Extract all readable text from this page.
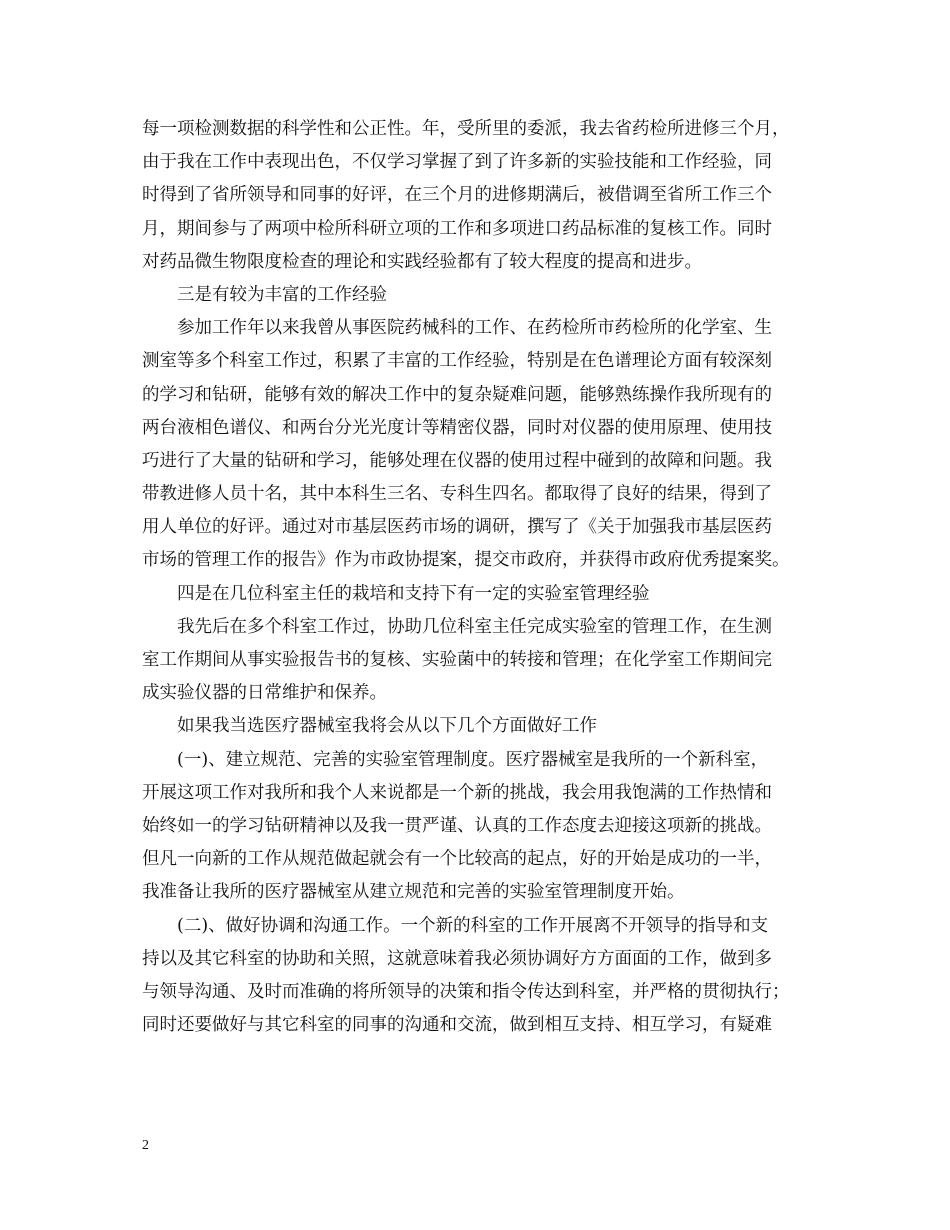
每一项检测数据的科学性和公正性。年，受所里的委派，我去省药检所进修三个月，
由于我在工作中表现出色，不仅学习掌握了到了许多新的实验技能和工作经验，同
时得到了省所领导和同事的好评，在三个月的进修期满后，被借调至省所工作三个
月，期间参与了两项中检所科研立项的工作和多项进口药品标准的复核工作。同时
对药品微生物限度检查的理论和实践经验都有了较大程度的提高和进步。
三是有较为丰富的工作经验
参加工作年以来我曾从事医院药械科的工作、在药检所市药检所的化学室、生
测室等多个科室工作过，积累了丰富的工作经验，特别是在色谱理论方面有较深刻
的学习和钻研，能够有效的解决工作中的复杂疑难问题，能够熟练操作我所现有的
两台液相色谱仪、和两台分光光度计等精密仪器，同时对仪器的使用原理、使用技
巧进行了大量的钻研和学习，能够处理在仪器的使用过程中碰到的故障和问题。我
带教进修人员十名，其中本科生三名、专科生四名。都取得了良好的结果，得到了
用人单位的好评。通过对市基层医药市场的调研，撰写了《关于加强我市基层医药
市场的管理工作的报告》作为市政协提案，提交市政府，并获得市政府优秀提案奖。
四是在几位科室主任的栽培和支持下有一定的实验室管理经验
我先后在多个科室工作过，协助几位科室主任完成实验室的管理工作，在生测
室工作期间从事实验报告书的复核、实验菌中的转接和管理；在化学室工作期间完
成实验仪器的日常维护和保养。
如果我当选医疗器械室我将会从以下几个方面做好工作
(一)、建立规范、完善的实验室管理制度。医疗器械室是我所的一个新科室，
开展这项工作对我所和我个人来说都是一个新的挑战，我会用我饱满的工作热情和
始终如一的学习钻研精神以及我一贯严谨、认真的工作态度去迎接这项新的挑战。
但凡一向新的工作从规范做起就会有一个比较高的起点，好的开始是成功的一半，
我准备让我所的医疗器械室从建立规范和完善的实验室管理制度开始。
(二)、做好协调和沟通工作。一个新的科室的工作开展离不开领导的指导和支
持以及其它科室的协助和关照，这就意味着我必须协调好方方面面的工作，做到多
与领导沟通、及时而准确的将所领导的决策和指令传达到科室，并严格的贯彻执行；
同时还要做好与其它科室的同事的沟通和交流，做到相互支持、相互学习，有疑难
2
